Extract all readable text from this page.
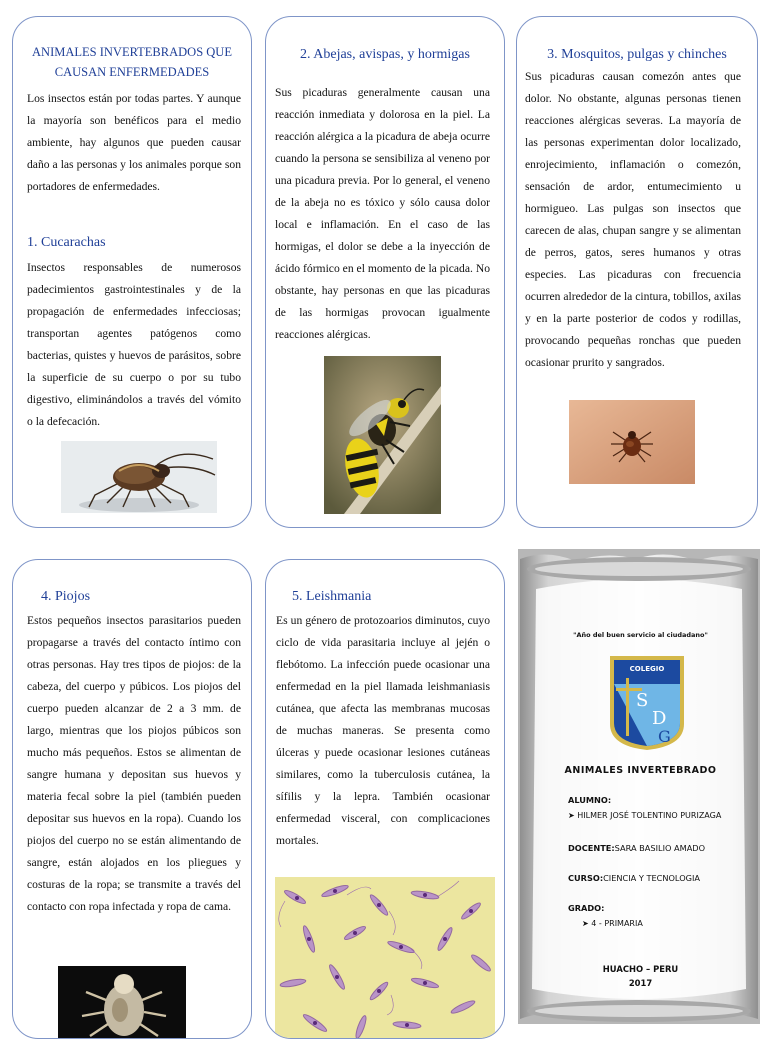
ANIMALES INVERTEBRADOS QUE
CAUSAN ENFERMEDADES

Los insectos están por todas partes. Y aunque la mayoría son benéficos para el medio ambiente, hay algunos que pueden causar daño a las personas y los animales porque son portadores de enfermedades.

1. Cucarachas

Insectos responsables de numerosos padecimientos gastrointestinales y de la propagación de enfermedades infecciosas; transportan agentes patógenos como bacterias, quistes y huevos de parásitos, sobre la superficie de su cuerpo o por su tubo digestivo, eliminándolos a través del vómito o la defecación.

2. Abejas, avispas, y hormigas

Sus picaduras generalmente causan una reacción inmediata y dolorosa en la piel. La reacción alérgica a la picadura de abeja ocurre cuando la persona se sensibiliza al veneno por una picadura previa. Por lo general, el veneno de la abeja no es tóxico y sólo causa dolor local e inflamación. En el caso de las hormigas, el dolor se debe a la inyección de ácido fórmico en el momento de la picada. No obstante, hay personas en que las picaduras de las hormigas provocan igualmente reacciones alérgicas.

3. Mosquitos, pulgas y chinches

Sus picaduras causan comezón antes que dolor. No obstante, algunas personas tienen reacciones alérgicas severas. La mayoría de las personas experimentan dolor localizado, enrojecimiento, inflamación o comezón, sensación de ardor, entumecimiento u hormigueo. Las pulgas son insectos que carecen de alas, chupan sangre y se alimentan de perros, gatos, seres humanos y otras especies. Las picaduras con frecuencia ocurren alrededor de la cintura, tobillos, axilas y en la parte posterior de codos y rodillas, provocando pequeñas ronchas que pueden ocasionar prurito y sangrados.

4. Piojos

Estos pequeños insectos parasitarios pueden propagarse a través del contacto íntimo con otras personas. Hay tres tipos de piojos: de la cabeza, del cuerpo y púbicos. Los piojos del cuerpo pueden alcanzar de 2 a 3 mm. de largo, mientras que los piojos púbicos son mucho más pequeños. Estos se alimentan de sangre humana y depositan sus huevos y materia fecal sobre la piel (también pueden depositar sus huevos en la ropa). Cuando los piojos del cuerpo no se están alimentando de sangre, están alojados en los pliegues y costuras de la ropa; se transmite a través del contacto con ropa infectada y ropa de cama.

5. Leishmania

Es un género de protozoarios diminutos, cuyo ciclo de vida parasitaria incluye al jején o flebótomo. La infección puede ocasionar una enfermedad en la piel llamada leishmaniasis cutánea, que afecta las membranas mucosas de muchas maneras. Se presenta como úlceras y puede ocasionar lesiones cutáneas similares, como la tuberculosis cutánea, la sífilis y la lepra. También ocasionar enfermedad visceral, con complicaciones mortales.

"Año del buen servicio al ciudadano"
COLEGIO
S
D
G
ANIMALES INVERTEBRADO
ALUMNO:
➤ HILMER JOSÉ TOLENTINO PURIZAGA
DOCENTE:SARA BASILIO AMADO
CURSO:CIENCIA Y TECNOLOGIA
GRADO:
➤ 4 - PRIMARIA
HUACHO – PERU
2017
